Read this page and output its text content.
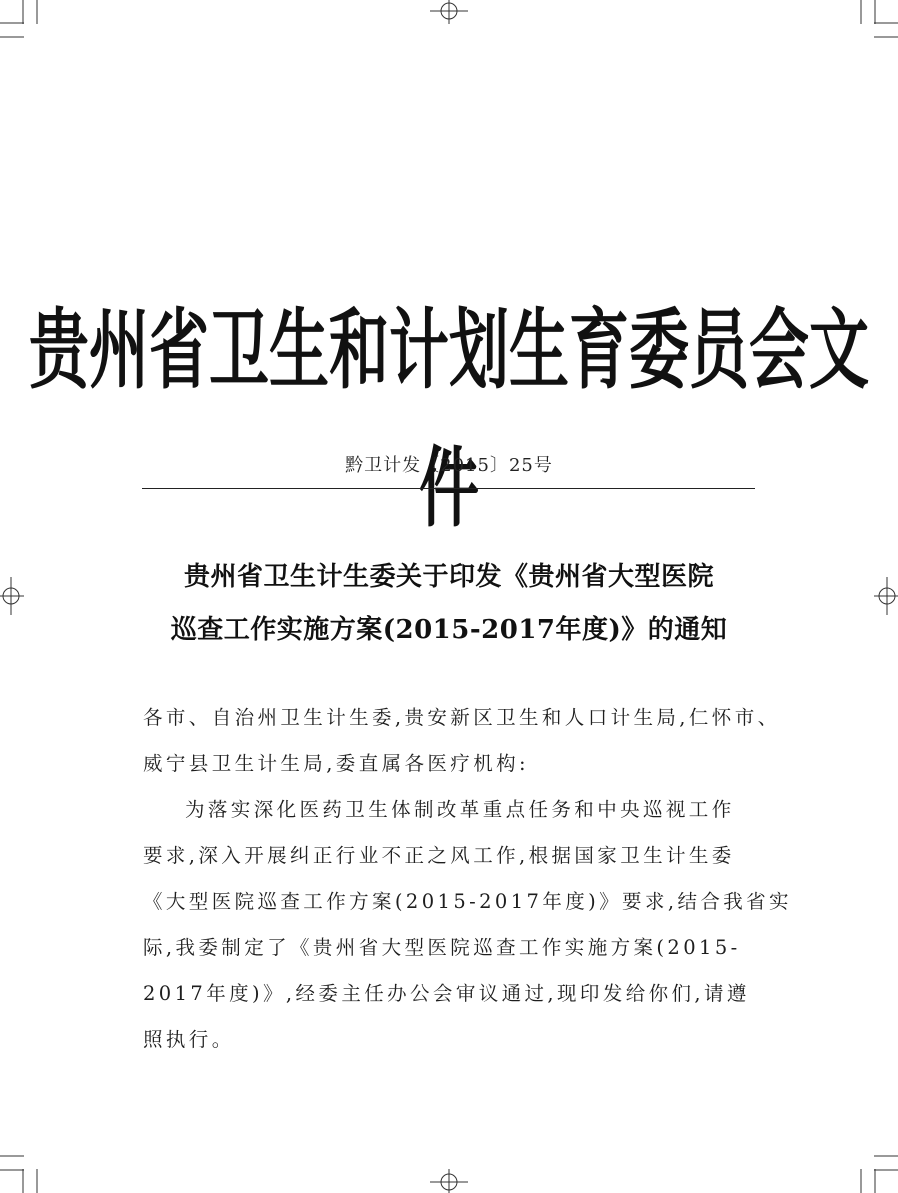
贵州省卫生和计划生育委员会文件
黔卫计发〔2015〕25号
贵州省卫生计生委关于印发《贵州省大型医院
巡查工作实施方案(2015-2017年度)》的通知
各市、自治州卫生计生委,贵安新区卫生和人口计生局,仁怀市、
威宁县卫生计生局,委直属各医疗机构:
为落实深化医药卫生体制改革重点任务和中央巡视工作
要求,深入开展纠正行业不正之风工作,根据国家卫生计生委
《大型医院巡查工作方案(2015-2017年度)》要求,结合我省实
际,我委制定了《贵州省大型医院巡查工作实施方案(2015-
2017年度)》,经委主任办公会审议通过,现印发给你们,请遵
照执行。
